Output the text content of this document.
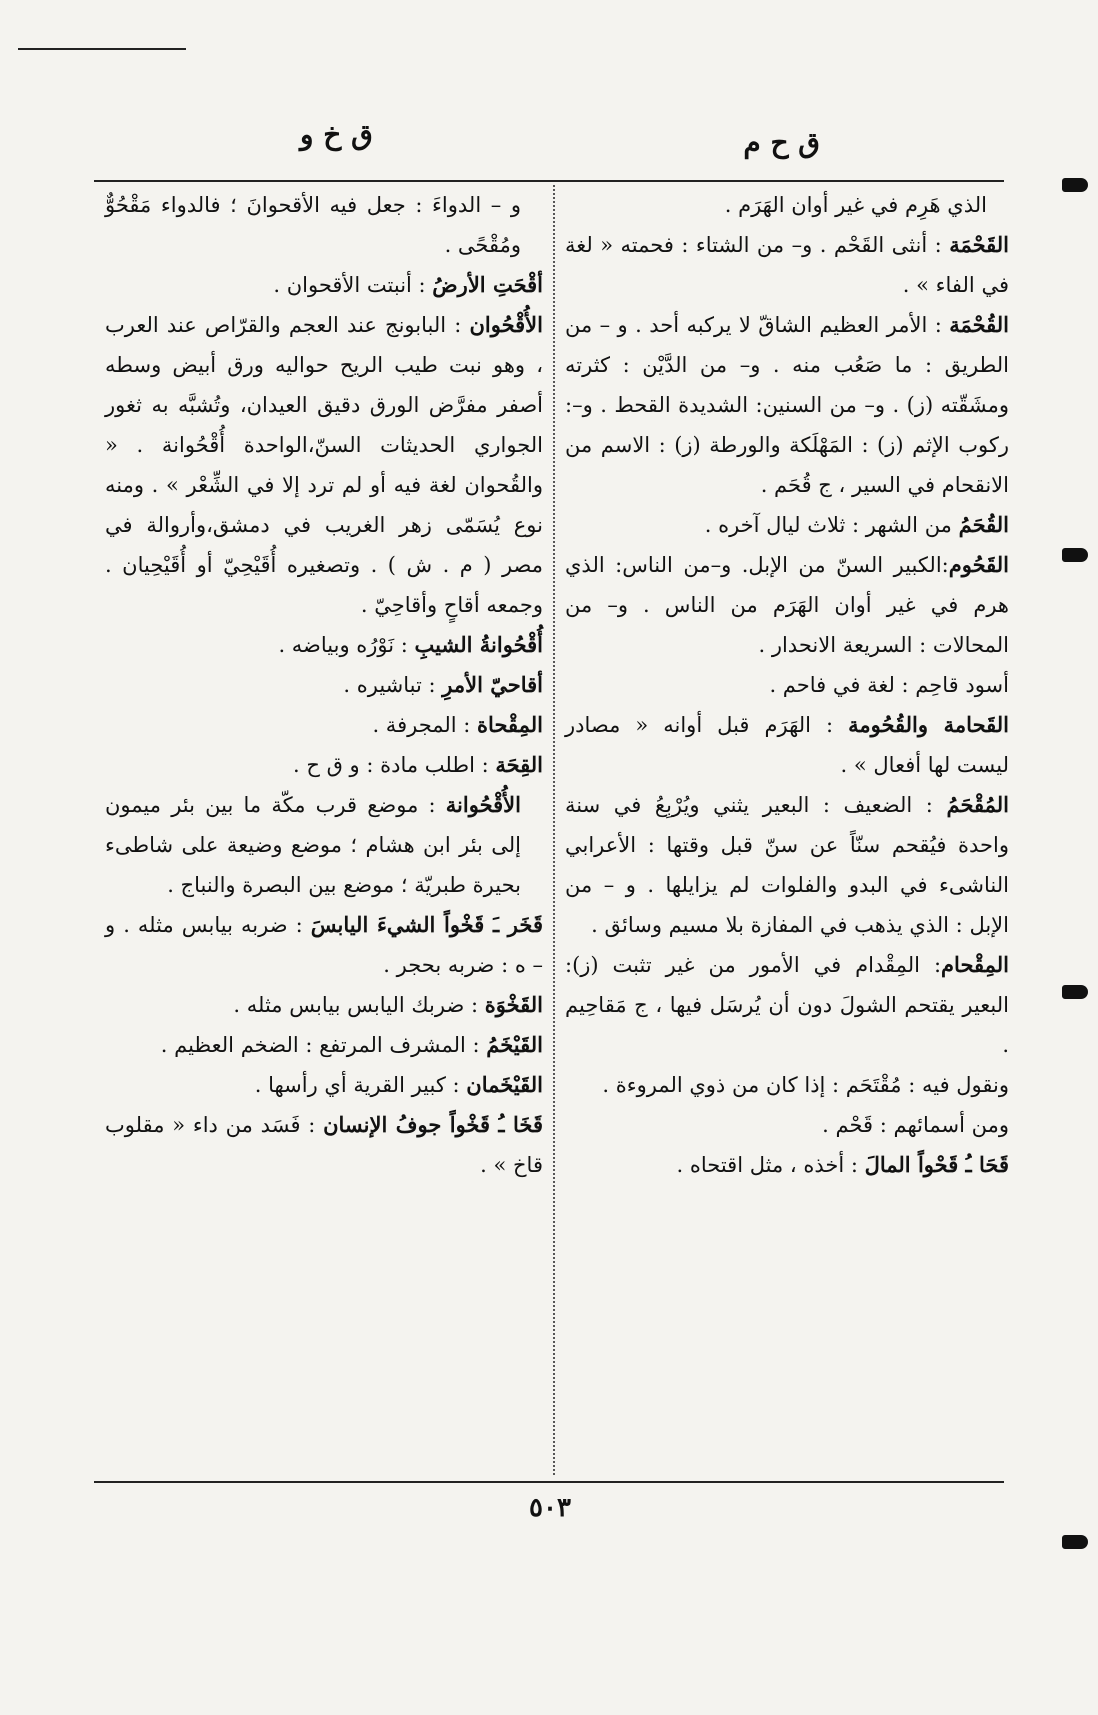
ق ح م
ق خ و

الذي هَرِم في غير أوان الهَرَم .

القَحْمَة : أنثى القَحْم . و– من الشتاء : فحمته « لغة في الفاء » .

القُحْمَة : الأمر العظيم الشاقّ لا يركبه أحد . و – من الطريق : ما صَعُب منه . و– من الدَّيْن : كثرته ومشَقّته (ز) . و– من السنين: الشديدة القحط . و–: ركوب الإثم (ز) : المَهْلَكة والورطة (ز) : الاسم من الانقحام في السير ، ج قُحَم .

القُحَمُ من الشهر : ثلاث ليال آخره .

القَحُوم:الكبير السنّ من الإبل. و–من الناس: الذي هرم في غير أوان الهَرَم من الناس . و– من المحالات : السريعة الانحدار .

أسود قاحِم : لغة في فاحم .

القَحامة والقُحُومة : الهَرَم قبل أوانه « مصادر ليست لها أفعال » .

المُقْحَمُ : الضعيف : البعير يثني ويُرْبِعُ في سنة واحدة فيُقحم سنّاً عن سنّ قبل وقتها : الأعرابي الناشىء في البدو والفلوات لم يزايلها . و – من الإبل : الذي يذهب في المفازة بلا مسيم وسائق .

المِقْحام: المِقْدام في الأمور من غير تثبت (ز): البعير يقتحم الشولَ دون أن يُرسَل فيها ، ج مَقاحِيم .

ونقول فيه : مُقْتَحَم : إذا كان من ذوي المروءة .

ومن أسمائهم : قَحْم .

قَحَا ـُ قَحْواً المالَ : أخذه ، مثل اقتحاه .

و – الدواءَ : جعل فيه الأقحوانَ ؛ فالدواء مَقْحُوٌّ ومُقْحًى .

أقْحَتِ الأرضُ : أنبتت الأقحوان .

الأُقْحُوان : البابونج عند العجم والقرّاص عند العرب ، وهو نبت طيب الريح حواليه ورق أبيض وسطه أصفر مفرَّض الورق دقيق العيدان، وتُشبَّه به ثغور الجواري الحديثات السنّ،الواحدة أُقْحُوانة . « والقُحوان لغة فيه أو لم ترد إلا في الشِّعْر » . ومنه نوع يُسَمّى زهر الغريب في دمشق،وأروالة في مصر ( م . ش ) . وتصغيره أُقَيْحِيّ أو أُقَيْحِيان . وجمعه أقاحٍ وأقاحِيّ .

أُقْحُوانةُ الشيبِ : نَوْرُه وبياضه .

أقاحيّ الأمرِ : تباشيره .

المِقْحاة : المجرفة .

القِحَة : اطلب مادة : و ق ح .

الأُقْحُوانة : موضع قرب مكّة ما بين بئر ميمون إلى بئر ابن هشام ؛ موضع وضيعة على شاطىء بحيرة طبريّة ؛ موضع بين البصرة والنباج .

قَخَر ـَ قَخْواً الشيءَ اليابسَ : ضربه بيابس مثله . و – ه : ضربه بحجر .

القَخْوَة : ضربك اليابس بيابس مثله .

القَيْخَمُ : المشرف المرتفع : الضخم العظيم .

القَيْخَمان : كبير القرية أي رأسها .

قَخَا ـُ قَخْواً جوفُ الإنسان : فَسَد من داء « مقلوب قاخ » .

٥٠٣
